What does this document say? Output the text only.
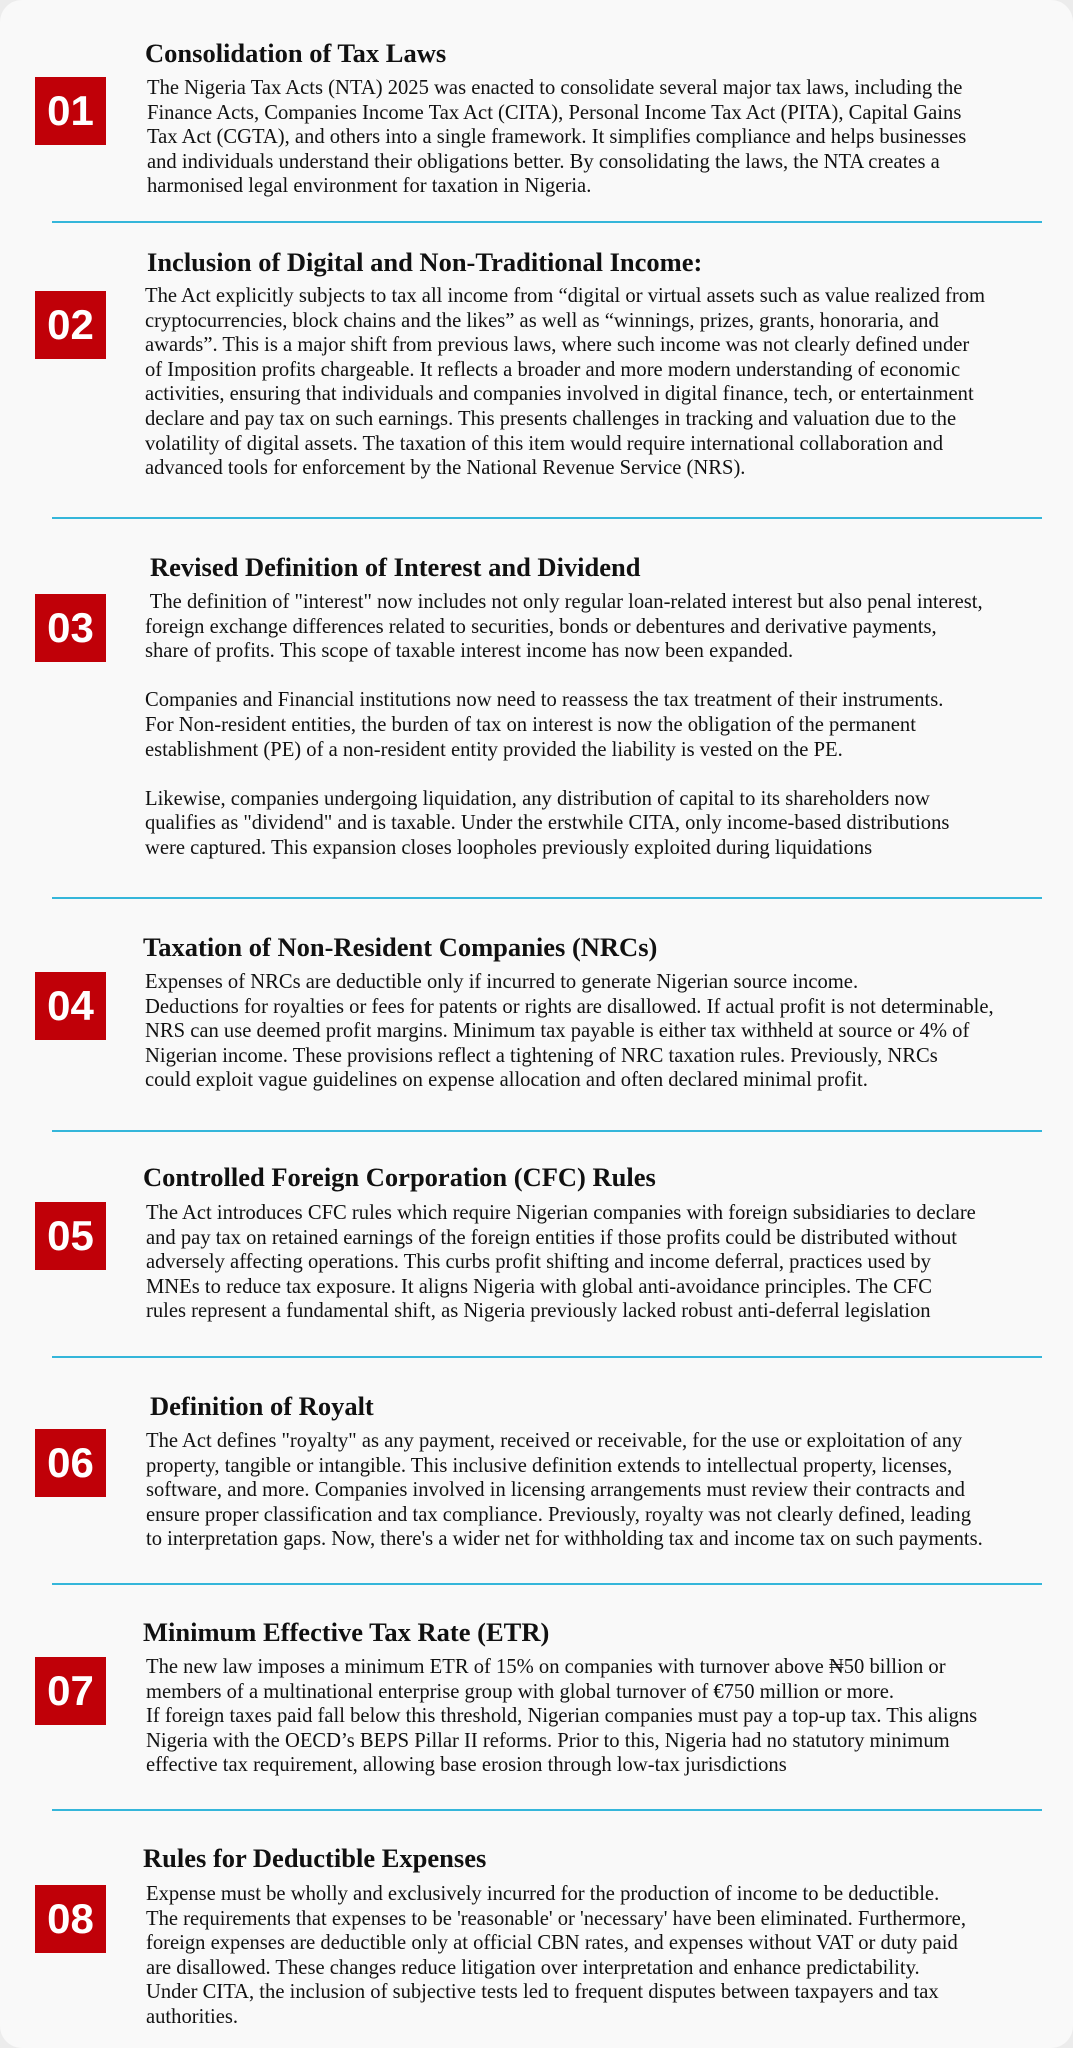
01
Consolidation of Tax Laws

The Nigeria Tax Acts (NTA) 2025 was enacted to consolidate several major tax laws, including the

Finance Acts, Companies Income Tax Act (CITA), Personal Income Tax Act (PITA), Capital Gains

Tax Act (CGTA), and others into a single framework. It simplifies compliance and helps businesses

and individuals understand their obligations better. By consolidating the laws, the NTA creates a

harmonised legal environment for taxation in Nigeria.

02
Inclusion of Digital and Non-Traditional Income:

The Act explicitly subjects to tax all income from “digital or virtual assets such as value realized from

cryptocurrencies, block chains and the likes” as well as “winnings, prizes, grants, honoraria, and

awards”. This is a major shift from previous laws, where such income was not clearly defined under

of Imposition profits chargeable. It reflects a broader and more modern understanding of economic

activities, ensuring that individuals and companies involved in digital finance, tech, or entertainment

declare and pay tax on such earnings. This presents challenges in tracking and valuation due to the

volatility of digital assets. The taxation of this item would require international collaboration and

advanced tools for enforcement by the National Revenue Service (NRS).

03
Revised Definition of Interest and Dividend

The definition of "interest" now includes not only regular loan-related interest but also penal interest,

foreign exchange differences related to securities, bonds or debentures and derivative payments,

share of profits. This scope of taxable interest income has now been expanded.

Companies and Financial institutions now need to reassess the tax treatment of their instruments.

For Non-resident entities, the burden of tax on interest is now the obligation of the permanent

establishment (PE) of a non-resident entity provided the liability is vested on the PE.

Likewise, companies undergoing liquidation, any distribution of capital to its shareholders now

qualifies as "dividend" and is taxable. Under the erstwhile CITA, only income-based distributions

were captured. This expansion closes loopholes previously exploited during liquidations

04
Taxation of Non-Resident Companies (NRCs)

Expenses of NRCs are deductible only if incurred to generate Nigerian source income.

Deductions for royalties or fees for patents or rights are disallowed. If actual profit is not determinable,

NRS can use deemed profit margins. Minimum tax payable is either tax withheld at source or 4% of

Nigerian income. These provisions reflect a tightening of NRC taxation rules. Previously, NRCs

could exploit vague guidelines on expense allocation and often declared minimal profit.

05
Controlled Foreign Corporation (CFC) Rules

The Act introduces CFC rules which require Nigerian companies with foreign subsidiaries to declare

and pay tax on retained earnings of the foreign entities if those profits could be distributed without

adversely affecting operations. This curbs profit shifting and income deferral, practices used by

MNEs to reduce tax exposure. It aligns Nigeria with global anti-avoidance principles. The CFC

rules represent a fundamental shift, as Nigeria previously lacked robust anti-deferral legislation

06
Definition of Royalt

The Act defines "royalty" as any payment, received or receivable, for the use or exploitation of any

property, tangible or intangible. This inclusive definition extends to intellectual property, licenses,

software, and more. Companies involved in licensing arrangements must review their contracts and

ensure proper classification and tax compliance. Previously, royalty was not clearly defined, leading

to interpretation gaps. Now, there's a wider net for withholding tax and income tax on such payments.

07
Minimum Effective Tax Rate (ETR)

The new law imposes a minimum ETR of 15% on companies with turnover above ₦50 billion or

members of a multinational enterprise group with global turnover of €750 million or more.

If foreign taxes paid fall below this threshold, Nigerian companies must pay a top-up tax. This aligns

Nigeria with the OECD’s BEPS Pillar II reforms. Prior to this, Nigeria had no statutory minimum

effective tax requirement, allowing base erosion through low-tax jurisdictions

08
Rules for Deductible Expenses

Expense must be wholly and exclusively incurred for the production of income to be deductible.

The requirements that expenses to be 'reasonable' or 'necessary' have been eliminated. Furthermore,

foreign expenses are deductible only at official CBN rates, and expenses without VAT or duty paid

are disallowed. These changes reduce litigation over interpretation and enhance predictability.

Under CITA, the inclusion of subjective tests led to frequent disputes between taxpayers and tax

authorities.
